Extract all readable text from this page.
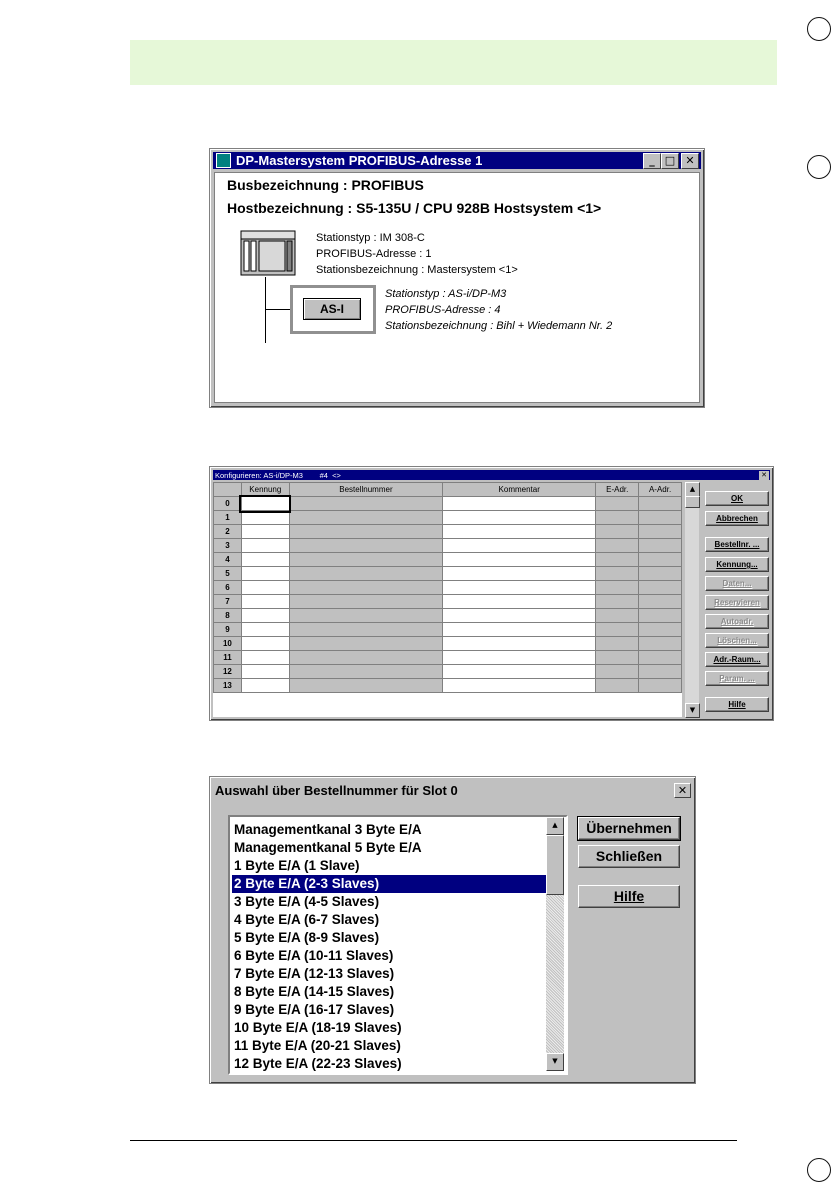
DP-Mastersystem PROFIBUS-Adresse 1	_ □ ✕
Busbezeichnung : PROFIBUS
Hostbezeichnung : S5-135U / CPU 928B Hostsystem <1>
Stationstyp : IM 308-C
PROFIBUS-Adresse : 1
Stationsbezeichnung : Mastersystem <1>
AS-I
Stationstyp : AS-i/DP-M3
PROFIBUS-Adresse : 4
Stationsbezeichnung : Bihl + Wiedemann Nr. 2
Konfigurieren: AS-i/DP-M3        #4  <>	✕
	Kennung	Bestellnummer	Kommentar	E-Adr.	A-Adr.
0					
1					
2					
3					
4					
5					
6					
7					
8					
9					
10					
11					
12					
13					
▲
▼
OK
Abbrechen
Bestellnr. ...
Kennung...
Daten...
Reservieren
Autoadr.
Löschen...
Adr.-Raum...
Param. ...
Hilfe
Auswahl über Bestellnummer für Slot 0	✕
Managementkanal 3 Byte E/A
Managementkanal 5 Byte E/A
1 Byte E/A (1 Slave)
2 Byte E/A (2-3 Slaves)
3 Byte E/A (4-5 Slaves)
4 Byte E/A (6-7 Slaves)
5 Byte E/A (8-9 Slaves)
6 Byte E/A (10-11 Slaves)
7 Byte E/A (12-13 Slaves)
8 Byte E/A (14-15 Slaves)
9 Byte E/A (16-17 Slaves)
10 Byte E/A (18-19 Slaves)
11 Byte E/A (20-21 Slaves)
12 Byte E/A (22-23 Slaves)
▲
▼
Übernehmen
Schließen
Hilfe
